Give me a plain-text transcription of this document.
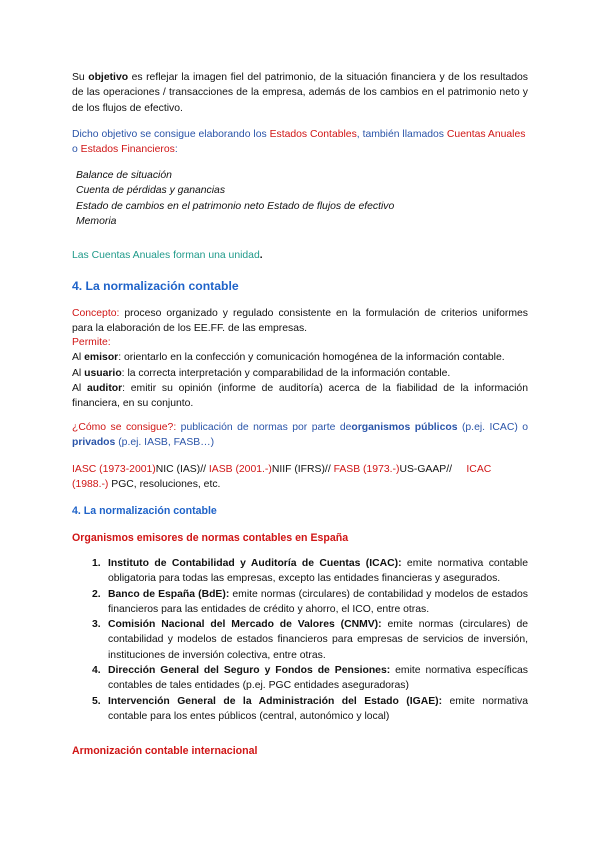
Su objetivo es reflejar la imagen fiel del patrimonio, de la situación financiera y de los resultados de las operaciones / transacciones de la empresa, además de los cambios en el patrimonio neto y de los flujos de efectivo.
Dicho objetivo se consigue elaborando los Estados Contables, también llamados Cuentas Anuales o Estados Financieros:
Balance de situación
Cuenta de pérdidas y ganancias
Estado de cambios en el patrimonio neto Estado de flujos de efectivo
Memoria
Las Cuentas Anuales forman una unidad.
4. La normalización contable
Concepto: proceso organizado y regulado consistente en la formulación de criterios uniformes para la elaboración de los EE.FF. de las empresas.
Permite:
Al emisor: orientarlo en la confección y comunicación homogénea de la información contable.
Al usuario: la correcta interpretación y comparabilidad de la información contable.
Al auditor: emitir su opinión (informe de auditoría) acerca de la fiabilidad de la información financiera, en su conjunto.
¿Cómo se consigue?: publicación de normas por parte deorganismos públicos (p.ej. ICAC) o privados (p.ej. IASB, FASB…)
IASC (1973-2001)NIC (IAS)// IASB (2001.-)NIIF (IFRS)// FASB (1973.-)US-GAAP//     ICAC (1988.-) PGC, resoluciones, etc.
4. La normalización contable
Organismos emisores de normas contables en España
1. Instituto de Contabilidad y Auditoría de Cuentas (ICAC): emite normativa contable obligatoria para todas las empresas, excepto las entidades financieras y asegurados.
2. Banco de España (BdE): emite normas (circulares) de contabilidad y modelos de estados financieros para las entidades de crédito y ahorro, el ICO, entre otras.
3. Comisión Nacional del Mercado de Valores (CNMV): emite normas (circulares) de contabilidad y modelos de estados financieros para empresas de servicios de inversión, instituciones de inversión colectiva, entre otras.
4. Dirección General del Seguro y Fondos de Pensiones: emite normativa específicas contables de tales entidades (p.ej. PGC entidades aseguradoras)
5. Intervención General de la Administración del Estado (IGAE): emite normativa contable para los entes públicos (central, autonómico y local)
Armonización contable internacional
